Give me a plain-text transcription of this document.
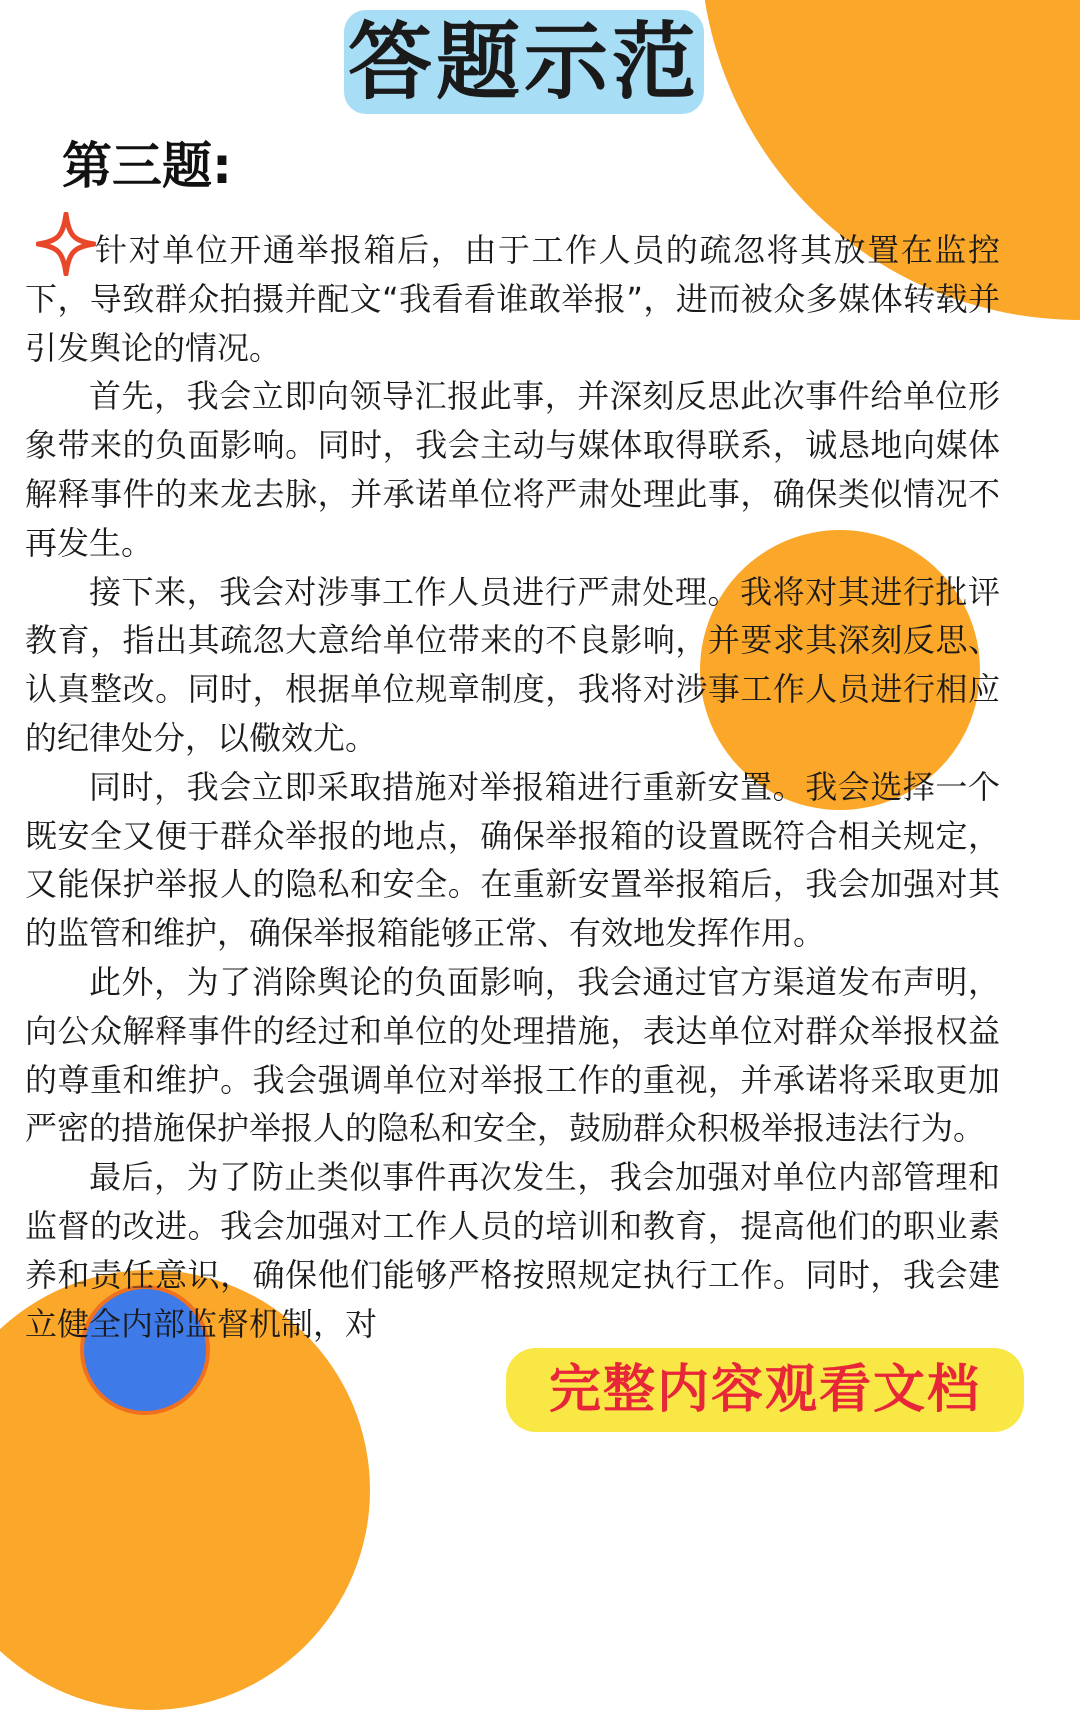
答题示范
第三题:

针对单位开通举报箱后，由于工作人员的疏忽将其放置在监控下，导致群众拍摄并配文“我看看谁敢举报”，进而被众多媒体转载并引发舆论的情况。

首先，我会立即向领导汇报此事，并深刻反思此次事件给单位形象带来的负面影响。同时，我会主动与媒体取得联系，诚恳地向媒体解释事件的来龙去脉，并承诺单位将严肃处理此事，确保类似情况不再发生。

接下来，我会对涉事工作人员进行严肃处理。我将对其进行批评教育，指出其疏忽大意给单位带来的不良影响，并要求其深刻反思、认真整改。同时，根据单位规章制度，我将对涉事工作人员进行相应的纪律处分，以儆效尤。

同时，我会立即采取措施对举报箱进行重新安置。我会选择一个既安全又便于群众举报的地点，确保举报箱的设置既符合相关规定，又能保护举报人的隐私和安全。在重新安置举报箱后，我会加强对其的监管和维护，确保举报箱能够正常、有效地发挥作用。

此外，为了消除舆论的负面影响，我会通过官方渠道发布声明，向公众解释事件的经过和单位的处理措施，表达单位对群众举报权益的尊重和维护。我会强调单位对举报工作的重视，并承诺将采取更加严密的措施保护举报人的隐私和安全，鼓励群众积极举报违法行为。

最后，为了防止类似事件再次发生，我会加强对单位内部管理和监督的改进。我会加强对工作人员的培训和教育，提高他们的职业素养和责任意识，确保他们能够严格按照规定执行工作。同时，我会建立健全内部监督机制，对

完整内容观看文档
